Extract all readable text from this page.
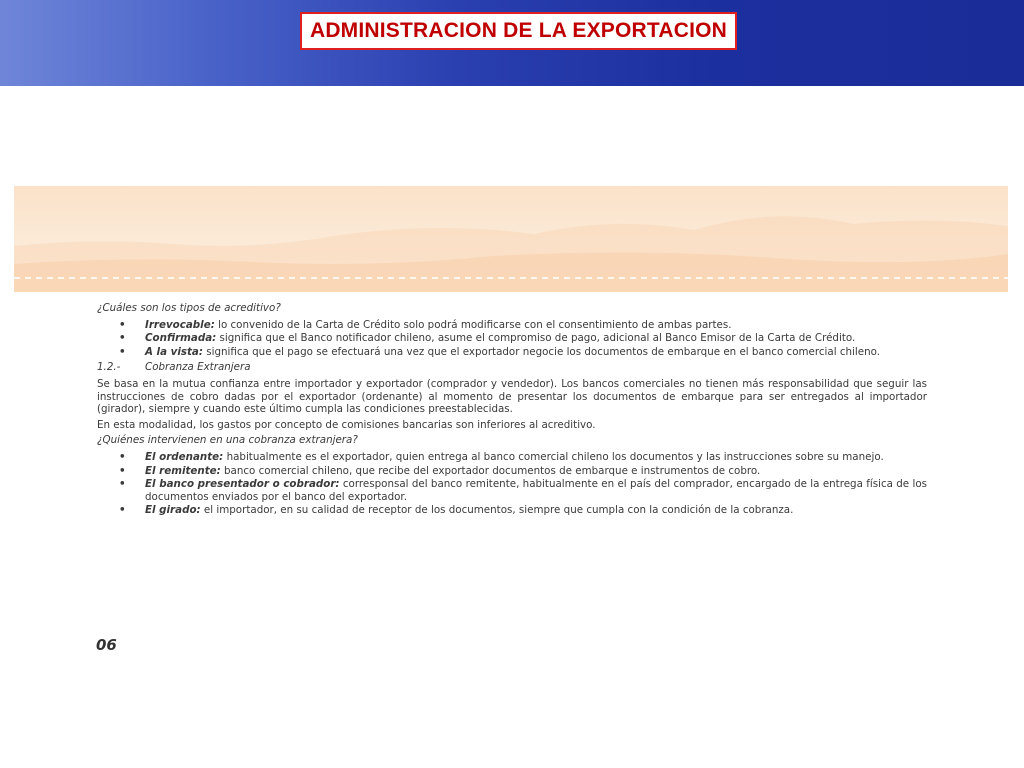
ADMINISTRACION DE LA EXPORTACION
¿Cuáles son los tipos de acreditivo?
• Irrevocable: lo convenido de la Carta de Crédito solo podrá modificarse con el consentimiento de ambas partes.
• Confirmada: significa que el Banco notificador chileno, asume el compromiso de pago, adicional al Banco Emisor de la Carta de Crédito.
• A la vista: significa que el pago se efectuará una vez que el exportador negocie los documentos de embarque en el banco comercial chileno.
1.2.- Cobranza Extranjera

Se basa en la mutua confianza entre importador y exportador (comprador y vendedor). Los bancos comerciales no tienen más responsabilidad que seguir las instrucciones de cobro dadas por el exportador (ordenante) al momento de presentar los documentos de embarque para ser entregados al importador (girador), siempre y cuando este último cumpla las condiciones preestablecidas.

En esta modalidad, los gastos por concepto de comisiones bancarias son inferiores al acreditivo.

¿Quiénes intervienen en una cobranza extranjera?
• El ordenante: habitualmente es el exportador, quien entrega al banco comercial chileno los documentos y las instrucciones sobre su manejo.
• El remitente: banco comercial chileno, que recibe del exportador documentos de embarque e instrumentos de cobro.
• El banco presentador o cobrador: corresponsal del banco remitente, habitualmente en el país del comprador, encargado de la entrega física de los documentos enviados por el banco del exportador.
• El girado: el importador, en su calidad de receptor de los documentos, siempre que cumpla con la condición de la cobranza.
06
